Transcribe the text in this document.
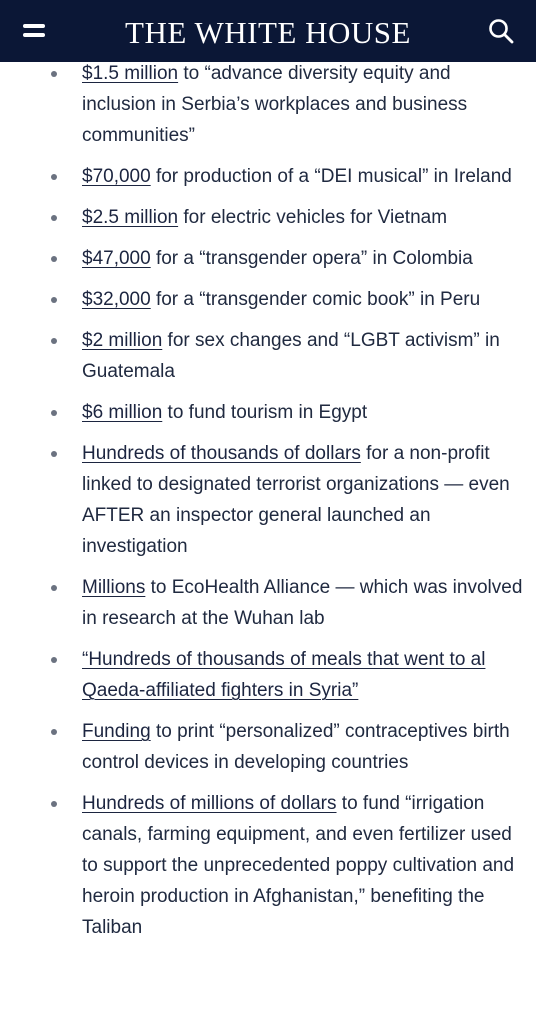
THE WHITE HOUSE
$1.5 million to “advance diversity equity and inclusion in Serbia’s workplaces and business communities”
$70,000 for production of a “DEI musical” in Ireland
$2.5 million for electric vehicles for Vietnam
$47,000 for a “transgender opera” in Colombia
$32,000 for a “transgender comic book” in Peru
$2 million for sex changes and “LGBT activism” in Guatemala
$6 million to fund tourism in Egypt
Hundreds of thousands of dollars for a non-profit linked to designated terrorist organizations — even AFTER an inspector general launched an investigation
Millions to EcoHealth Alliance — which was involved in research at the Wuhan lab
“Hundreds of thousands of meals that went to al Qaeda-affiliated fighters in Syria”
Funding to print “personalized” contraceptives birth control devices in developing countries
Hundreds of millions of dollars to fund “irrigation canals, farming equipment, and even fertilizer used to support the unprecedented poppy cultivation and heroin production in Afghanistan,” benefiting the Taliban
